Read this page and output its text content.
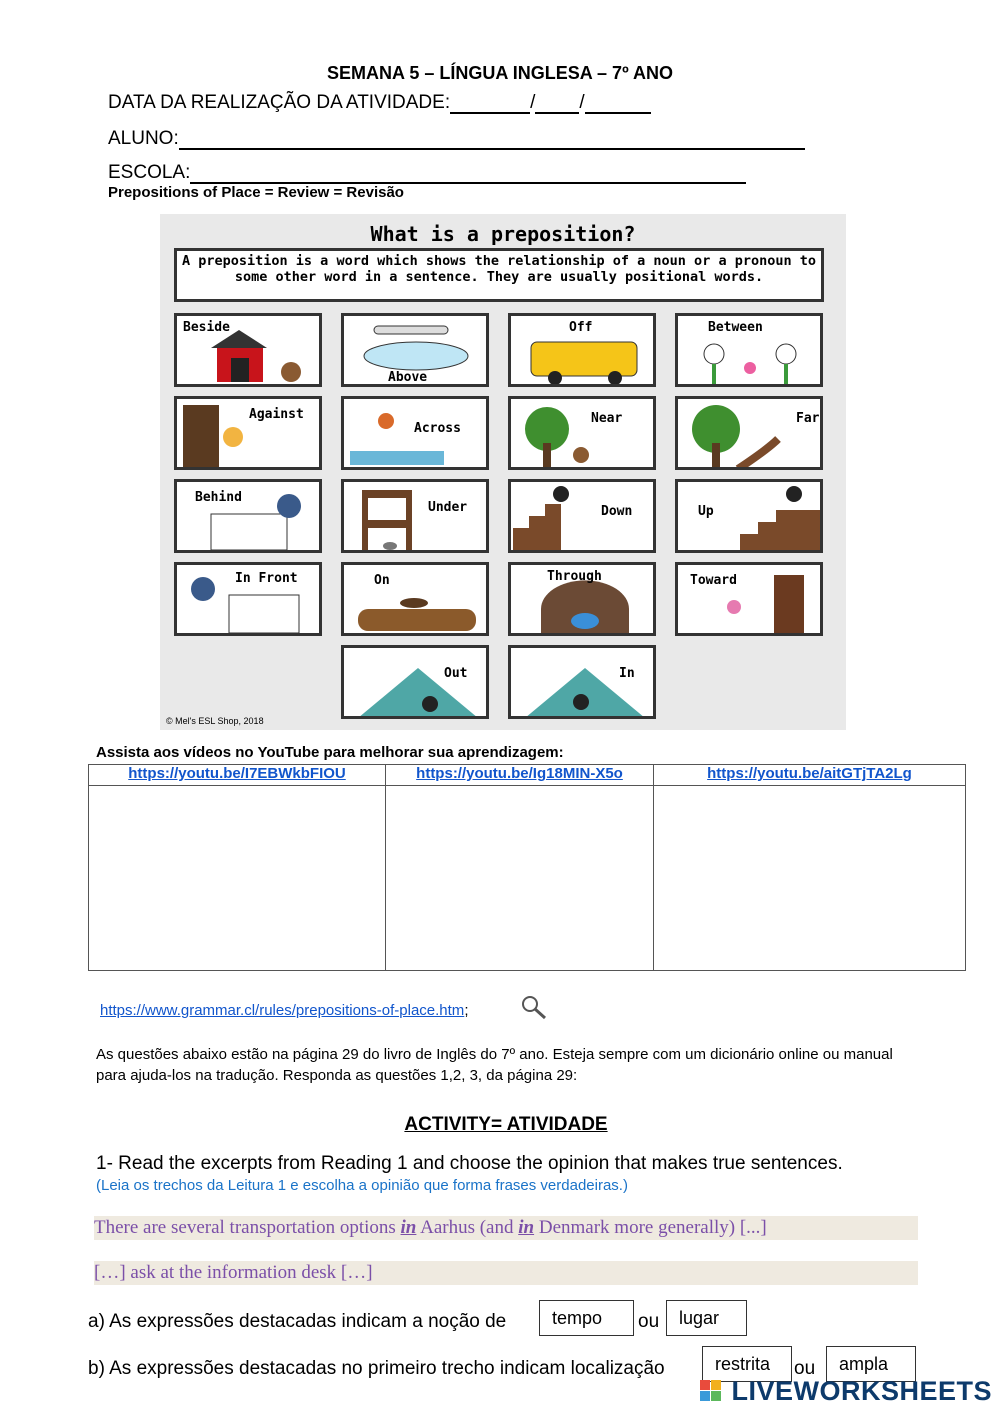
SEMANA 5 – LÍNGUA INGLESA – 7º ANO
DATA DA REALIZAÇÃO DA ATIVIDADE:	/ /
ALUNO:
ESCOLA:
Prepositions of Place = Review = Revisão
What is a preposition?
A preposition is a word which shows the relationship of a noun or a pronoun to some other word in a sentence. They are usually positional words.
Beside
Above
Off	Between
Against
Across
Near	Far
Behind
Under	Down	Up
In Front	On	Through	Toward
Out	In
© Mel's ESL Shop, 2018
Assista aos vídeos no YouTube para melhorar sua aprendizagem:
https://youtu.be/I7EBWkbFIOU	https://youtu.be/Ig18MIN-X5o	https://youtu.be/aitGTjTA2Lg

https://www.grammar.cl/rules/prepositions-of-place.htm;
As questões abaixo estão na página 29 do livro de Inglês do 7º ano. Esteja sempre com um dicionário online ou manual para ajuda-los na tradução. Responda as questões 1,2, 3, da página 29:
ACTIVITY= ATIVIDADE
1- Read the excerpts from Reading 1 and choose the opinion that makes true sentences.
(Leia os trechos da Leitura 1 e escolha a opinião que forma frases verdadeiras.)
There are several transportation options in Aarhus (and in Denmark more generally) [...]
[…] ask at the information desk […]
a) As expressões destacadas indicam a noção de	tempo	ou	lugar
b) As expressões destacadas no primeiro trecho indicam localização	restrita	ou	ampla
LIVEWORKSHEETS
